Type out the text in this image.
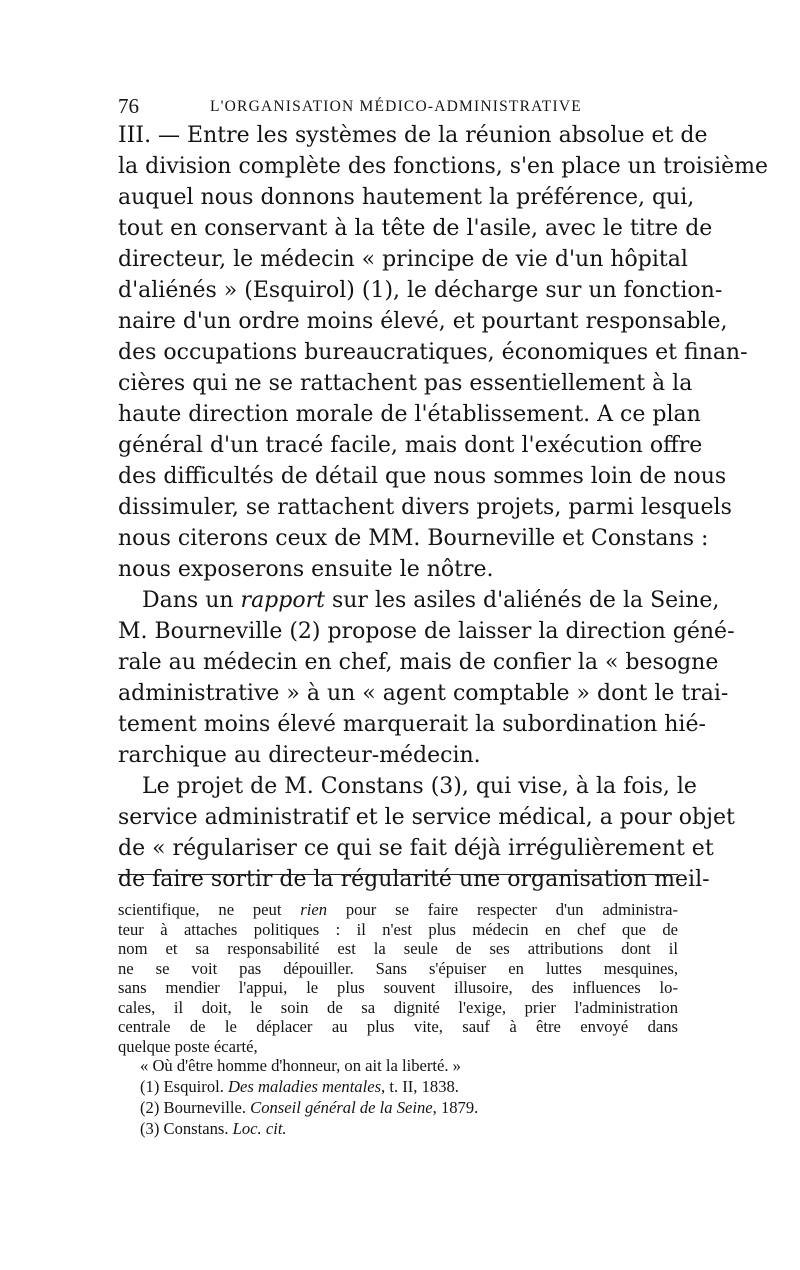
76	L'ORGANISATION MÉDICO-ADMINISTRATIVE
III. — Entre les systèmes de la réunion absolue et de
la division complète des fonctions, s'en place un troisième
auquel nous donnons hautement la préférence, qui,
tout en conservant à la tête de l'asile, avec le titre de
directeur, le médecin « principe de vie d'un hôpital
d'aliénés » (Esquirol) (1), le décharge sur un fonction-
naire d'un ordre moins élevé, et pourtant responsable,
des occupations bureaucratiques, économiques et finan-
cières qui ne se rattachent pas essentiellement à la
haute direction morale de l'établissement. A ce plan
général d'un tracé facile, mais dont l'exécution offre
des difficultés de détail que nous sommes loin de nous
dissimuler, se rattachent divers projets, parmi lesquels
nous citerons ceux de MM. Bourneville et Constans :
nous exposerons ensuite le nôtre.
Dans un rapport sur les asiles d'aliénés de la Seine,
M. Bourneville (2) propose de laisser la direction géné-
rale au médecin en chef, mais de confier la « besogne
administrative » à un « agent comptable » dont le trai-
tement moins élevé marquerait la subordination hié-
rarchique au directeur-médecin.
Le projet de M. Constans (3), qui vise, à la fois, le
service administratif et le service médical, a pour objet
de « régulariser ce qui se fait déjà irrégulièrement et
de faire sortir de la régularité une organisation meil-
scientifique, ne peut rien pour se faire respecter d'un administra-
teur à attaches politiques : il n'est plus médecin en chef que de
nom et sa responsabilité est la seule de ses attributions dont il
ne se voit pas dépouiller. Sans s'épuiser en luttes mesquines,
sans mendier l'appui, le plus souvent illusoire, des influences lo-
cales, il doit, le soin de sa dignité l'exige, prier l'administration
centrale de le déplacer au plus vite, sauf à être envoyé dans
quelque poste écarté,
« Où d'être homme d'honneur, on ait la liberté. »
(1) Esquirol. Des maladies mentales, t. II, 1838.
(2) Bourneville. Conseil général de la Seine, 1879.
(3) Constans. Loc. cit.
